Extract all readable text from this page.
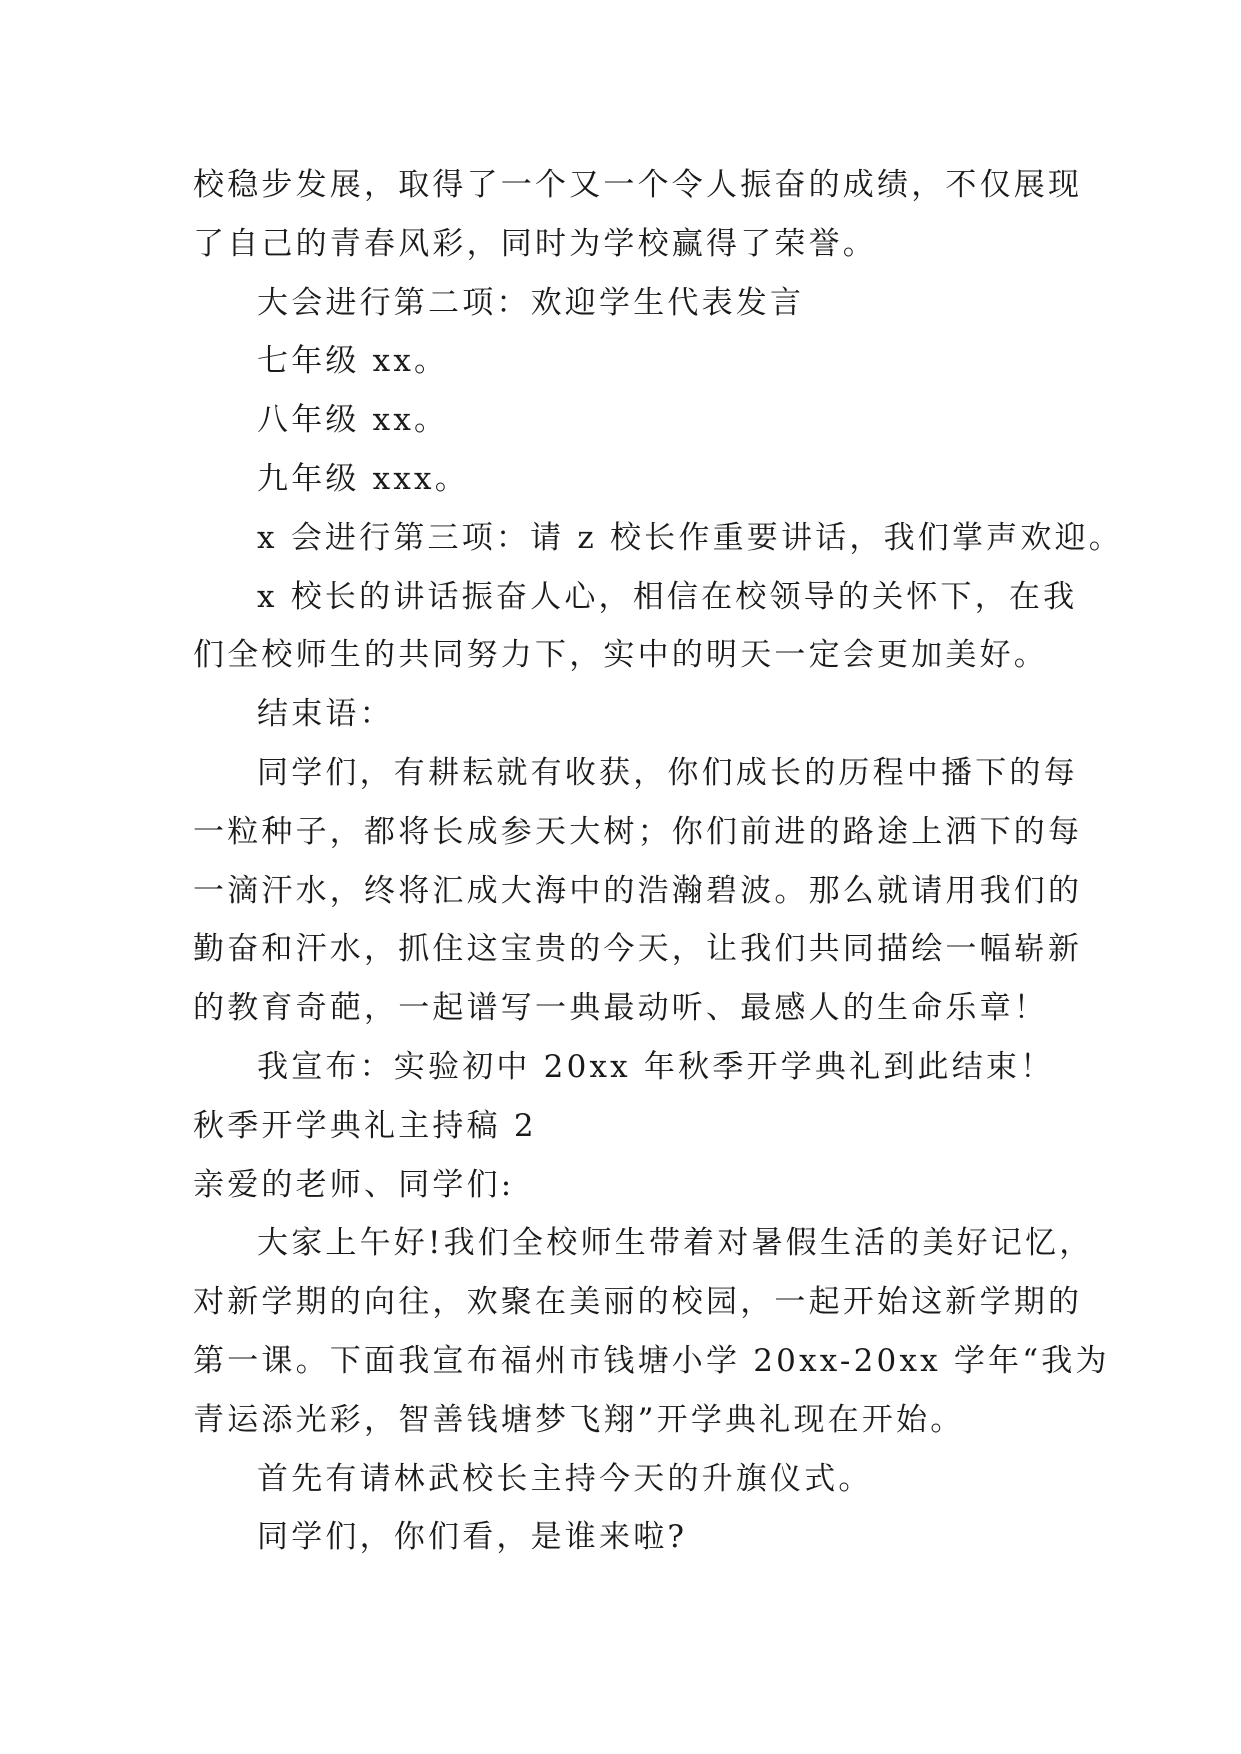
校稳步发展，取得了一个又一个令人振奋的成绩，不仅展现

了自己的青春风彩，同时为学校赢得了荣誉。

大会进行第二项：欢迎学生代表发言

七年级 xx。

八年级 xx。

九年级 xxx。

x 会进行第三项：请 z 校长作重要讲话，我们掌声欢迎。

x 校长的讲话振奋人心，相信在校领导的关怀下，在我

们全校师生的共同努力下，实中的明天一定会更加美好。

结束语：

同学们，有耕耘就有收获，你们成长的历程中播下的每

一粒种子，都将长成参天大树；你们前进的路途上洒下的每

一滴汗水，终将汇成大海中的浩瀚碧波。那么就请用我们的

勤奋和汗水，抓住这宝贵的今天，让我们共同描绘一幅崭新

的教育奇葩，一起谱写一典最动听、最感人的生命乐章！

我宣布：实验初中 20xx 年秋季开学典礼到此结束！

秋季开学典礼主持稿 2

亲爱的老师、同学们:

大家上午好!我们全校师生带着对暑假生活的美好记忆，

对新学期的向往，欢聚在美丽的校园，一起开始这新学期的

第一课。下面我宣布福州市钱塘小学 20xx-20xx 学年“我为

青运添光彩，智善钱塘梦飞翔”开学典礼现在开始。

首先有请林武校长主持今天的升旗仪式。

同学们，你们看，是谁来啦?
